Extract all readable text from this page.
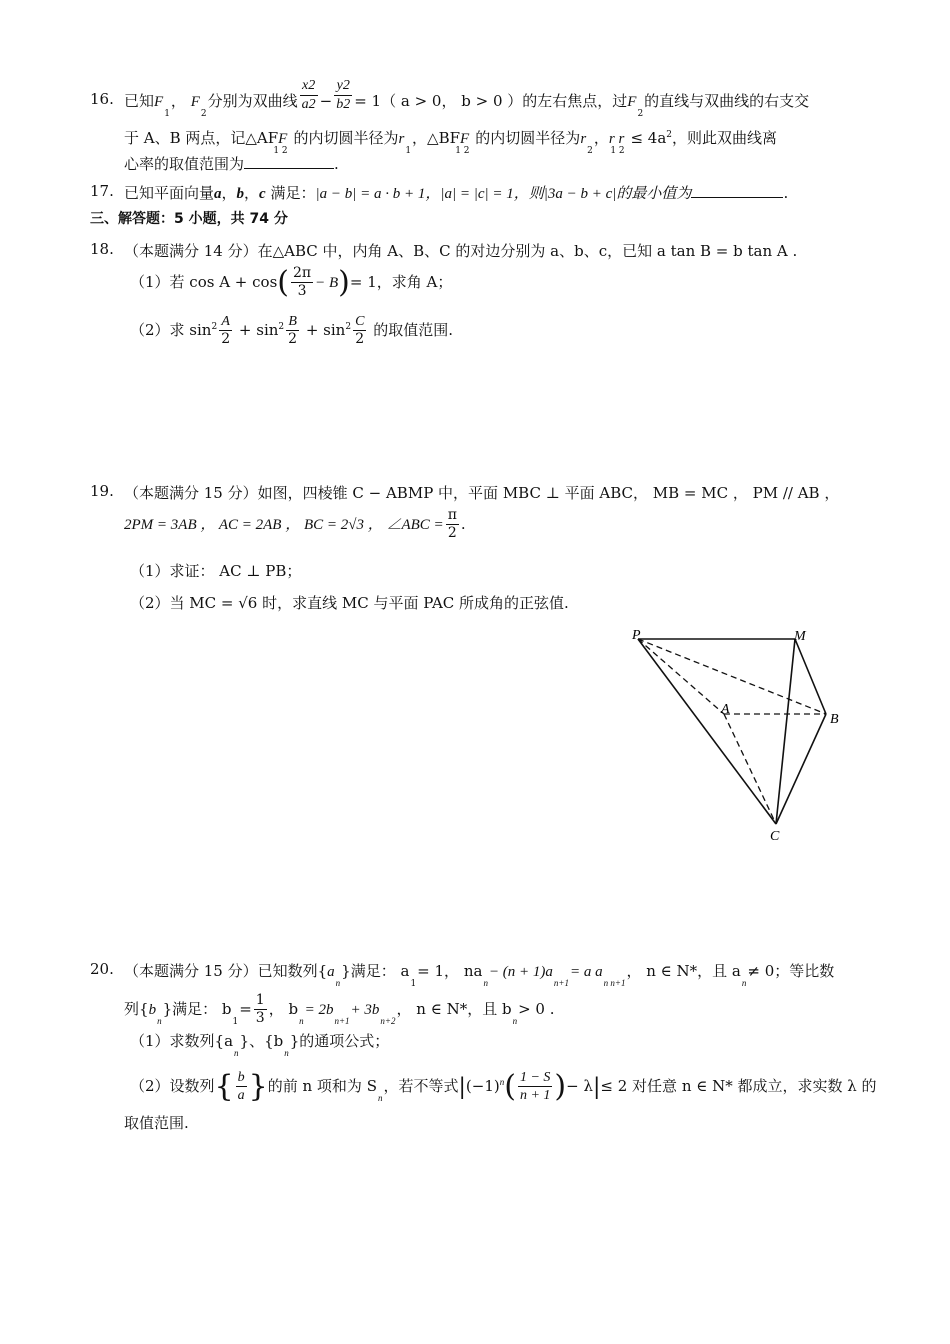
16. 已知$F_1$， $F_2$分别为双曲线 $\frac{x2}{a2} - \frac{y2}{b2} = 1$（ a > 0， b > 0 ）的左右焦点，过$F_2$的直线与双曲线的右支交
于 A、B 两点，记$\triangle AFF_{1 2}$ 的内切圆半径为$r_1$，$\triangle BFF_{1 2}$ 的内切圆半径为$r_2$，r $r_{1 2} \le 4a^2$，则此双曲线离
心率的取值范围为	.
17. 已知平面向量a，b，c 满足：|a − b| = a · b + 1，|a| = |c| = 1，则|3a − b + c|的最小值为	.
三、解答题：5 小题，共 74 分
18. （本题满分 14 分）在△ABC 中，内角 A、B、C 的对边分别为 a、b、c，已知 a tan B = b tan A .
（1）若 $\cos A + \cos( \frac{2\pi}{3} - B)= 1$，求角 A；
（2）求 $\sin^2 \frac{A}{2} + \sin^2 \frac{B}{2} + \sin^2 \frac{C}{2}$ 的取值范围.
19. （本题满分 15 分）如图，四棱锥 C − ABMP 中，平面 MBC ⊥ 平面 ABC， MB = MC ， PM // AB ，
2PM = 3AB ， AC = 2AB ， BC = 2√3 ， ∠ABC = $\frac{\pi}{2}$ .
（1）求证： AC ⊥ PB；
（2）当 MC = √6 时，求直线 MC 与平面 PAC 所成角的正弦值.
P	M
A
B
C
20. （本题满分 15 分）已知数列$\{a_n\}$满足： $a_1= 1$， $na_n- (n + 1)a_{n+1}= a$ $a_{n n+1}$， n ∈ N*，且 $a_n\ne 0$；等比数
列$\{b_n\}$满足： $b_1= \frac{1}{3}$ ， $b_n= 2b_{n+1}+ 3b_{n+2}$， n ∈ N*，且 $b_n> 0$ .
（1）求数列$\{a_n\}$、$\{b_n\}$的通项公式；
（2）设数列{ $\frac{b}{a}$ }的前 n 项和为 $S_n$，若不等式$|(-1)^n( \frac{1 - S}{n + 1}$ )− λ|≤ 2 对任意 n ∈ N* 都成立，求实数 λ 的
取值范围.
